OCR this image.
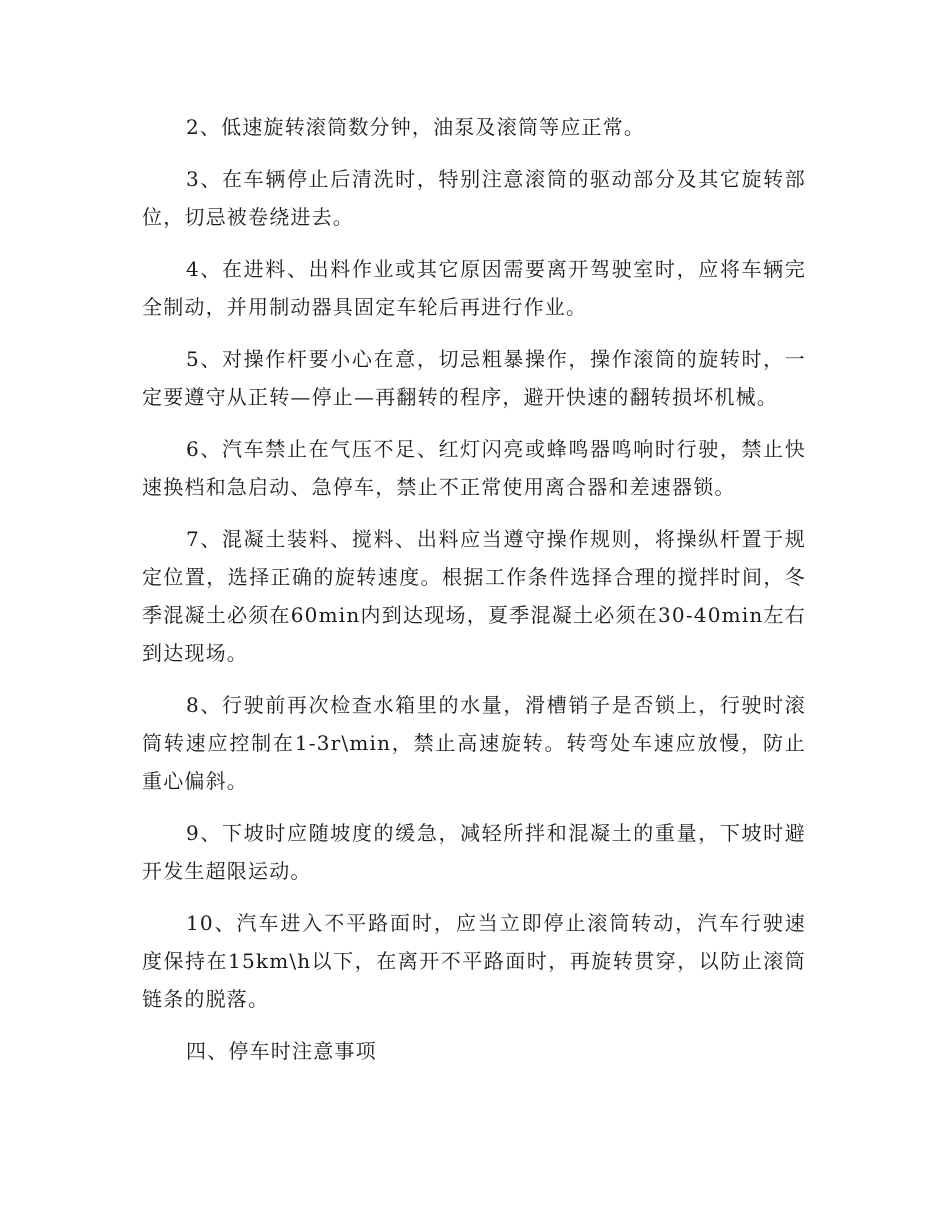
2、低速旋转滚筒数分钟，油泵及滚筒等应正常。

3、在车辆停止后清洗时，特别注意滚筒的驱动部分及其它旋转部位，切忌被卷绕进去。

4、在进料、出料作业或其它原因需要离开驾驶室时，应将车辆完全制动，并用制动器具固定车轮后再进行作业。

5、对操作杆要小心在意，切忌粗暴操作，操作滚筒的旋转时，一定要遵守从正转—停止—再翻转的程序，避开快速的翻转损坏机械。

6、汽车禁止在气压不足、红灯闪亮或蜂鸣器鸣响时行驶，禁止快速换档和急启动、急停车，禁止不正常使用离合器和差速器锁。

7、混凝土装料、搅料、出料应当遵守操作规则，将操纵杆置于规定位置，选择正确的旋转速度。根据工作条件选择合理的搅拌时间，冬季混凝土必须在60min内到达现场，夏季混凝土必须在30-40min左右到达现场。

8、行驶前再次检查水箱里的水量，滑槽销子是否锁上，行驶时滚筒转速应控制在1-3r\min，禁止高速旋转。转弯处车速应放慢，防止重心偏斜。

9、下坡时应随坡度的缓急，减轻所拌和混凝土的重量，下坡时避开发生超限运动。

10、汽车进入不平路面时，应当立即停止滚筒转动，汽车行驶速度保持在15km\h以下，在离开不平路面时，再旋转贯穿，以防止滚筒链条的脱落。

四、停车时注意事项
